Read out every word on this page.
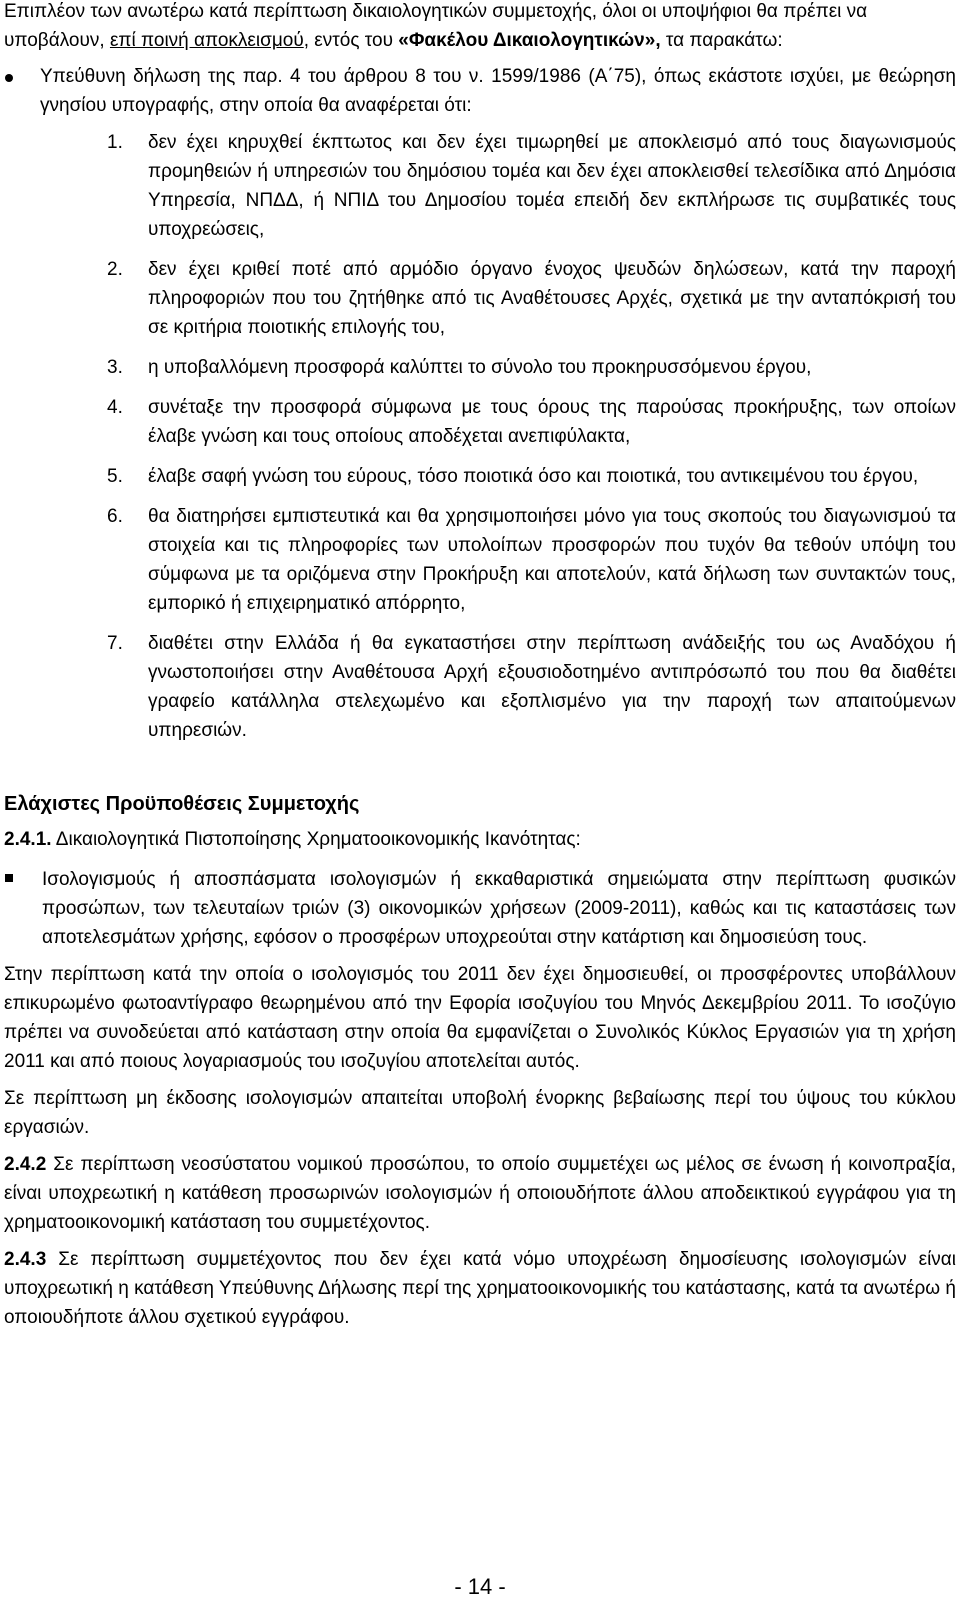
Επιπλέον των ανωτέρω κατά περίπτωση δικαιολογητικών συμμετοχής, όλοι οι υποψήφιοι θα πρέπει να
υποβάλουν, επί ποινή αποκλεισμού, εντός του «Φακέλου Δικαιολογητικών», τα παρακάτω:
Υπεύθυνη δήλωση της παρ. 4 του άρθρου 8 του ν. 1599/1986 (Α΄75), όπως εκάστοτε ισχύει, με θεώρηση γνησίου υπογραφής, στην οποία θα αναφέρεται ότι:
1. δεν έχει κηρυχθεί έκπτωτος και δεν έχει τιμωρηθεί με αποκλεισμό από τους διαγωνισμούς προμηθειών ή υπηρεσιών του δημόσιου τομέα και δεν έχει αποκλεισθεί τελεσίδικα από Δημόσια Υπηρεσία, ΝΠΔΔ, ή ΝΠΙΔ του Δημοσίου τομέα επειδή δεν εκπλήρωσε τις συμβατικές τους υποχρεώσεις,
2. δεν έχει κριθεί ποτέ από αρμόδιο όργανο ένοχος ψευδών δηλώσεων, κατά την παροχή πληροφοριών που του ζητήθηκε από τις Αναθέτουσες Αρχές, σχετικά με την ανταπόκρισή του σε κριτήρια ποιοτικής επιλογής του,
3. η υποβαλλόμενη προσφορά καλύπτει το σύνολο του προκηρυσσόμενου έργου,
4. συνέταξε την προσφορά σύμφωνα με τους όρους της παρούσας προκήρυξης, των οποίων έλαβε γνώση και τους οποίους αποδέχεται ανεπιφύλακτα,
5. έλαβε σαφή γνώση του εύρους, τόσο ποιοτικά όσο και ποιοτικά, του αντικειμένου του έργου,
6. θα διατηρήσει εμπιστευτικά και θα χρησιμοποιήσει μόνο για τους σκοπούς του διαγωνισμού τα στοιχεία και τις πληροφορίες των υπολοίπων προσφορών που τυχόν θα τεθούν υπόψη του σύμφωνα με τα οριζόμενα στην Προκήρυξη και αποτελούν, κατά δήλωση των συντακτών τους, εμπορικό ή επιχειρηματικό απόρρητο,
7. διαθέτει στην Ελλάδα ή θα εγκαταστήσει στην περίπτωση ανάδειξής του ως Αναδόχου ή γνωστοποιήσει στην Αναθέτουσα Αρχή εξουσιοδοτημένο αντιπρόσωπό του που θα διαθέτει γραφείο κατάλληλα στελεχωμένο και εξοπλισμένο για την παροχή των απαιτούμενων υπηρεσιών.
Ελάχιστες Προϋποθέσεις Συμμετοχής
2.4.1. Δικαιολογητικά Πιστοποίησης Χρηματοοικονομικής Ικανότητας:
Ισολογισμούς ή αποσπάσματα ισολογισμών ή εκκαθαριστικά σημειώματα στην περίπτωση φυσικών προσώπων, των τελευταίων τριών (3) οικονομικών χρήσεων (2009-2011), καθώς και τις καταστάσεις των αποτελεσμάτων χρήσης, εφόσον ο προσφέρων υποχρεούται στην κατάρτιση και δημοσιεύση τους.

Στην περίπτωση κατά την οποία ο ισολογισμός του 2011 δεν έχει δημοσιευθεί, οι προσφέροντες υποβάλλουν επικυρωμένο φωτοαντίγραφο θεωρημένου από την Εφορία ισοζυγίου του Μηνός Δεκεμβρίου 2011. Το ισοζύγιο πρέπει να συνοδεύεται από κατάσταση στην οποία θα εμφανίζεται ο Συνολικός Κύκλος Εργασιών για τη χρήση 2011 και από ποιους λογαριασμούς του ισοζυγίου αποτελείται αυτός.

Σε περίπτωση μη έκδοσης ισολογισμών απαιτείται υποβολή ένορκης βεβαίωσης περί του ύψους του κύκλου εργασιών.

2.4.2 Σε περίπτωση νεοσύστατου νομικού προσώπου, το οποίο συμμετέχει ως μέλος σε ένωση ή κοινοπραξία, είναι υποχρεωτική η κατάθεση προσωρινών ισολογισμών ή οποιουδήποτε άλλου αποδεικτικού εγγράφου για τη χρηματοοικονομική κατάσταση του συμμετέχοντος.

2.4.3 Σε περίπτωση συμμετέχοντος που δεν έχει κατά νόμο υποχρέωση δημοσίευσης ισολογισμών είναι υποχρεωτική η κατάθεση Υπεύθυνης Δήλωσης περί της χρηματοοικονομικής του κατάστασης, κατά τα ανωτέρω ή οποιουδήποτε άλλου σχετικού εγγράφου.

- 14 -
